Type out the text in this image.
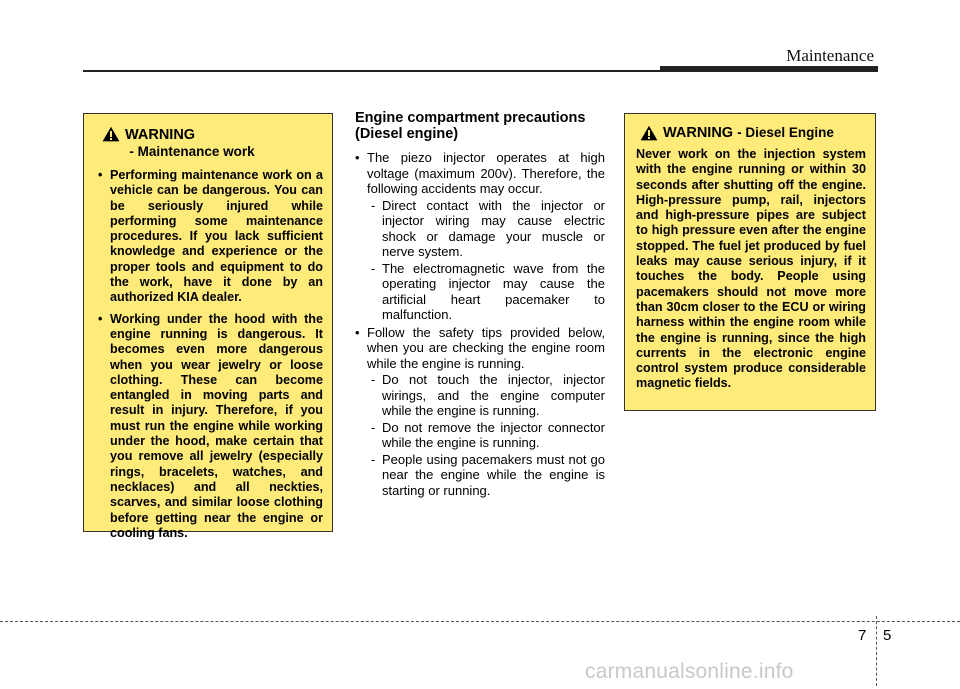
Maintenance
WARNING - Maintenance work
• Performing maintenance work on a vehicle can be dangerous. You can be seriously injured while performing some maintenance procedures. If you lack sufficient knowledge and experience or the proper tools and equipment to do the work, have it done by an authorized KIA dealer.
• Working under the hood with the engine running is dangerous. It becomes even more dangerous when you wear jewelry or loose clothing. These can become entangled in moving parts and result in injury. Therefore, if you must run the engine while working under the hood, make certain that you remove all jewelry (especially rings, bracelets, watches, and necklaces) and all neckties, scarves, and similar loose clothing before getting near the engine or cooling fans.
Engine compartment precautions (Diesel engine)
• The piezo injector operates at high voltage (maximum 200v). Therefore, the following accidents may occur.
- Direct contact with the injector or injector wiring may cause electric shock or damage your muscle or nerve system.
- The electromagnetic wave from the operating injector may cause the artificial heart pacemaker to malfunction.
• Follow the safety tips provided below, when you are checking the engine room while the engine is running.
- Do not touch the injector, injector wirings, and the engine computer while the engine is running.
- Do not remove the injector connector while the engine is running.
- People using pacemakers must not go near the engine while the engine is starting or running.
WARNING - Diesel Engine
Never work on the injection system with the engine running or within 30 seconds after shutting off the engine. High-pressure pump, rail, injectors and high-pressure pipes are subject to high pressure even after the engine stopped. The fuel jet produced by fuel leaks may cause serious injury, if it touches the body. People using pacemakers should not move more than 30cm closer to the ECU or wiring harness within the engine room while the engine is running, since the high currents in the electronic engine control system produce considerable magnetic fields.
7 5
carmanualsonline.info
